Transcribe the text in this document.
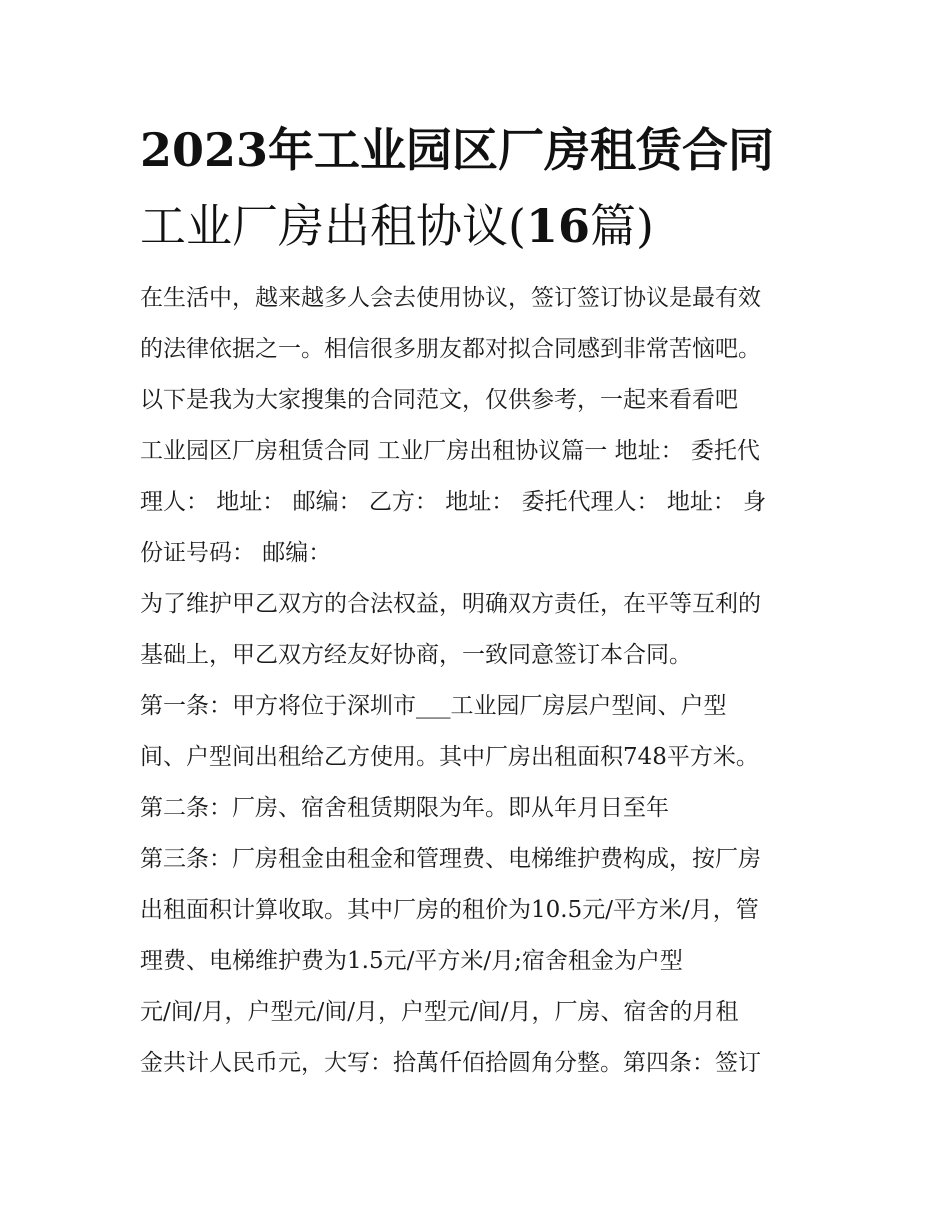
2023年工业园区厂房租赁合同
工业厂房出租协议(16篇)
在生活中，越来越多人会去使用协议，签订签订协议是最有效
的法律依据之一。相信很多朋友都对拟合同感到非常苦恼吧。
以下是我为大家搜集的合同范文，仅供参考，一起来看看吧
工业园区厂房租赁合同 工业厂房出租协议篇一 地址： 委托代
理人： 地址： 邮编： 乙方： 地址： 委托代理人： 地址： 身
份证号码： 邮编：
为了维护甲乙双方的合法权益，明确双方责任，在平等互利的
基础上，甲乙双方经友好协商，一致同意签订本合同。
第一条：甲方将位于深圳市___工业园厂房层户型间、户型
间、户型间出租给乙方使用。其中厂房出租面积748平方米。
第二条：厂房、宿舍租赁期限为年。即从年月日至年
第三条：厂房租金由租金和管理费、电梯维护费构成，按厂房
出租面积计算收取。其中厂房的租价为10.5元/平方米/月，管
理费、电梯维护费为1.5元/平方米/月;宿舍租金为户型
元/间/月，户型元/间/月，户型元/间/月，厂房、宿舍的月租
金共计人民币元，大写：拾萬仟佰拾圆角分整。第四条：签订
